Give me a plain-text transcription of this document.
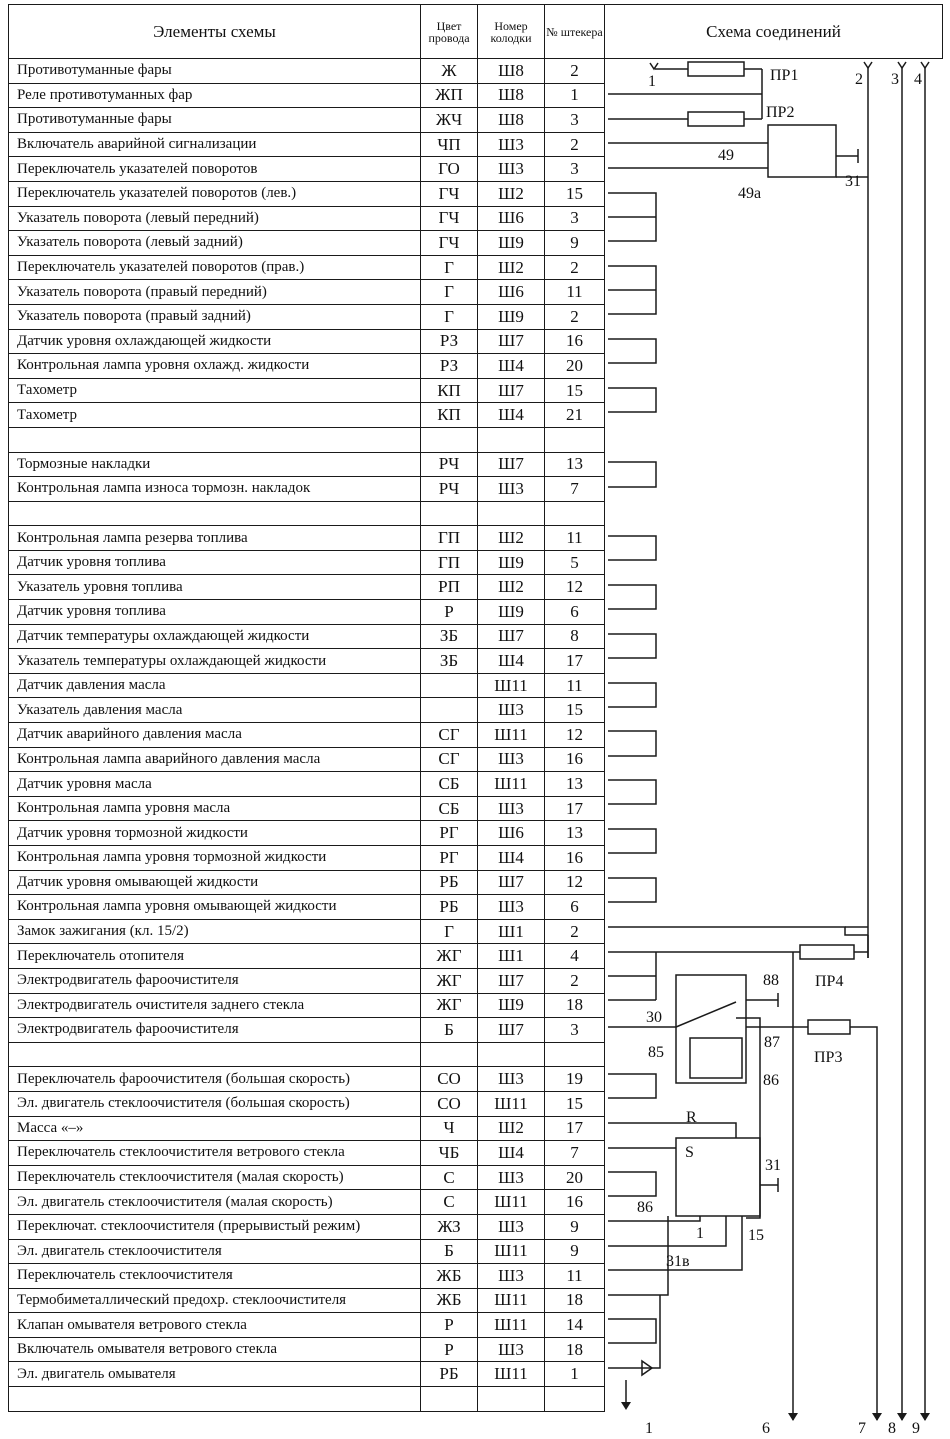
Элементы схемы	Цвет провода	Номер колодки	№ штекера	Схема соединений
Противотуманные фары	Ж	Ш8	2	
Реле противотуманных фар	ЖП	Ш8	1	
Противотуманные фары	ЖЧ	Ш8	3	
Включатель аварийной сигнализации	ЧП	Ш3	2	
Переключатель указателей поворотов	ГО	Ш3	3	
Переключатель указателей поворотов (лев.)	ГЧ	Ш2	15	
Указатель поворота (левый передний)	ГЧ	Ш6	3	
Указатель поворота (левый задний)	ГЧ	Ш9	9	
Переключатель указателей поворотов (прав.)	Г	Ш2	2	
Указатель поворота (правый передний)	Г	Ш6	11	
Указатель поворота (правый задний)	Г	Ш9	2	
Датчик уровня охлаждающей жидкости	РЗ	Ш7	16	
Контрольная лампа уровня охлажд. жидкости	РЗ	Ш4	20	
Тахометр	КП	Ш7	15	
Тахометр	КП	Ш4	21	

Тормозные накладки	РЧ	Ш7	13	
Контрольная лампа износа тормозн. накладок	РЧ	Ш3	7	

Контрольная лампа резерва топлива	ГП	Ш2	11	
Датчик уровня топлива	ГП	Ш9	5	
Указатель уровня топлива	РП	Ш2	12	
Датчик уровня топлива	Р	Ш9	6	
Датчик температуры охлаждающей жидкости	ЗБ	Ш7	8	
Указатель температуры охлаждающей жидкости	ЗБ	Ш4	17	
Датчик давления масла		Ш11	11	
Указатель давления масла		Ш3	15	
Датчик аварийного давления масла	СГ	Ш11	12	
Контрольная лампа аварийного давления масла	СГ	Ш3	16	
Датчик уровня масла	СБ	Ш11	13	
Контрольная лампа уровня масла	СБ	Ш3	17	
Датчик уровня тормозной жидкости	РГ	Ш6	13	
Контрольная лампа уровня тормозной жидкости	РГ	Ш4	16	
Датчик уровня омывающей жидкости	РБ	Ш7	12	
Контрольная лампа уровня омывающей жидкости	РБ	Ш3	6	
Замок зажигания (кл. 15/2)	Г	Ш1	2	
Переключатель отопителя	ЖГ	Ш1	4	
Электродвигатель фароочистителя	ЖГ	Ш7	2	
Электродвигатель очистителя заднего стекла	ЖГ	Ш9	18	
Электродвигатель фароочистителя	Б	Ш7	3	

Переключатель фароочистителя (большая скорость)	СО	Ш3	19	
Эл. двигатель стеклоочистителя (большая скорость)	СО	Ш11	15	
Масса «–»	Ч	Ш2	17	
Переключатель стеклоочистителя ветрового стекла	ЧБ	Ш4	7	
Переключатель стеклоочистителя (малая скорость)	С	Ш3	20	
Эл. двигатель стеклоочистителя (малая скорость)	С	Ш11	16	
Переключат. стеклоочистителя (прерывистый режим)	ЖЗ	Ш3	9	
Эл. двигатель стеклоочистителя	Б	Ш11	9	
Переключатель стеклоочистителя	ЖБ	Ш3	11	
Термобиметаллический предохр. стеклоочистителя	ЖБ	Ш11	18	
Клапан омывателя ветрового стекла	Р	Ш11	14	
Включатель омывателя ветрового стекла	Р	Ш3	18	
Эл. двигатель омывателя	РБ	Ш11	1	

2 3 4
1	ПР1
ПР2
49
49а
31
ПР4
88
30
85
87
86
ПР3
R
S
31
86
1	15
31в
1	6	7 8 9
